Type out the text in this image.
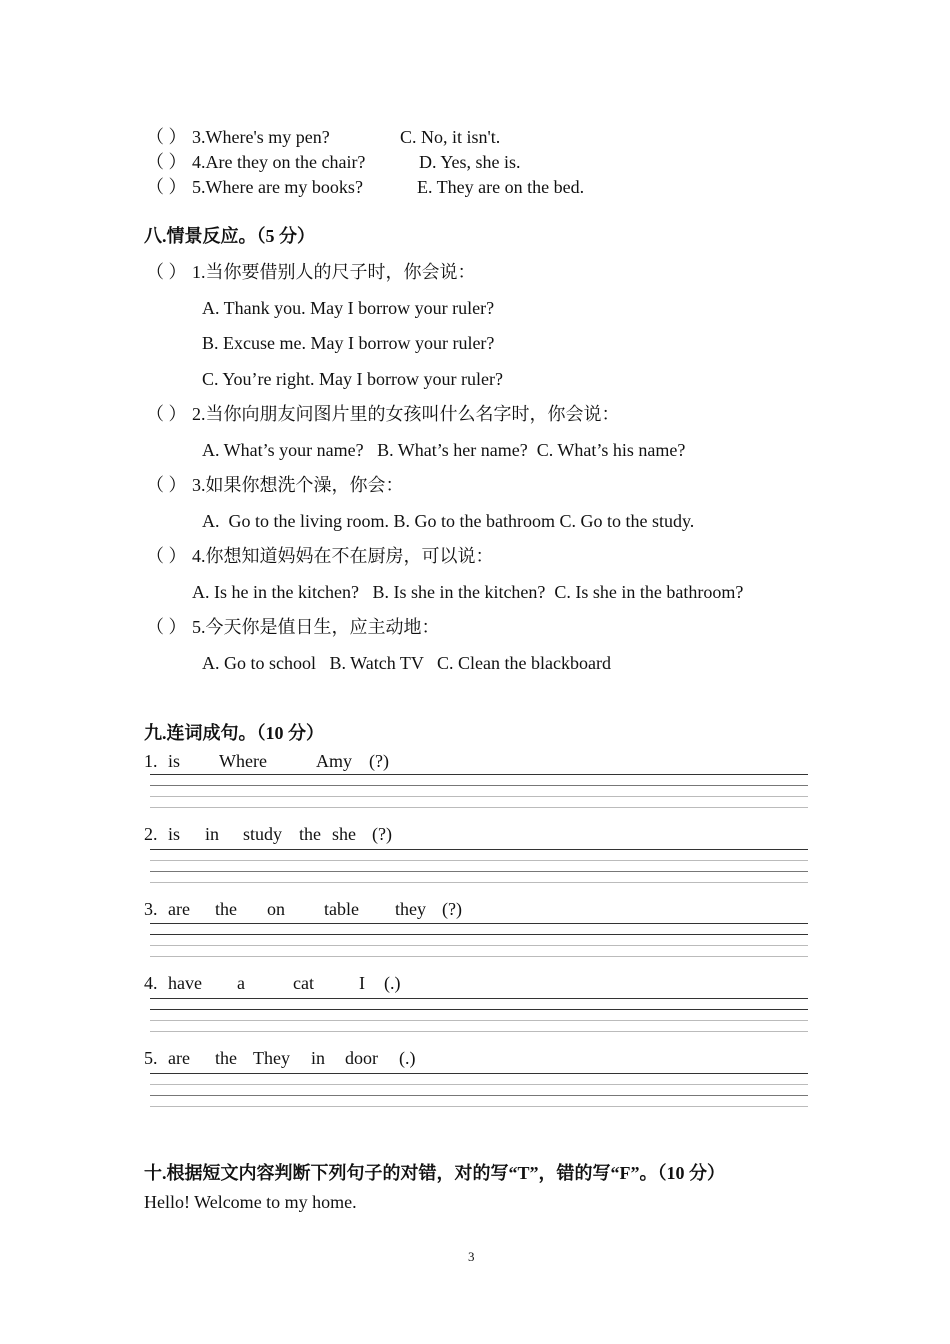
（ ） 3.Where's my pen?	C. No, it isn't.
（ ） 4.Are they on the chair?	D. Yes, she is.
（ ） 5.Where are my books?	E. They are on the bed.
八.情景反应。（5 分）
（ ） 1.当你要借别人的尺子时，你会说：
A. Thank you. May I borrow your ruler?
B. Excuse me. May I borrow your ruler?
C. You’re right. May I borrow your ruler?
（ ） 2.当你向朋友问图片里的女孩叫什么名字时，你会说：
A. What’s your name?   B. What’s her name?  C. What’s his name?
（ ） 3.如果你想洗个澡，你会：
A.  Go to the living room. B. Go to the bathroom C. Go to the study.
（ ） 4.你想知道妈妈在不在厨房，可以说：
A. Is he in the kitchen?   B. Is she in the kitchen?  C. Is she in the bathroom?
（ ） 5.今天你是值日生，应主动地：
A. Go to school   B. Watch TV   C. Clean the blackboard
九.连词成句。（10 分）
1. is Where	Amy (?)
2. is in study the she (?)
3. are the on table they (?)
4. have a	cat	I (.)
5. are the They in door (.)
十.根据短文内容判断下列句子的对错，对的写“T”，错的写“F”。（10 分）
Hello! Welcome to my home.
3
